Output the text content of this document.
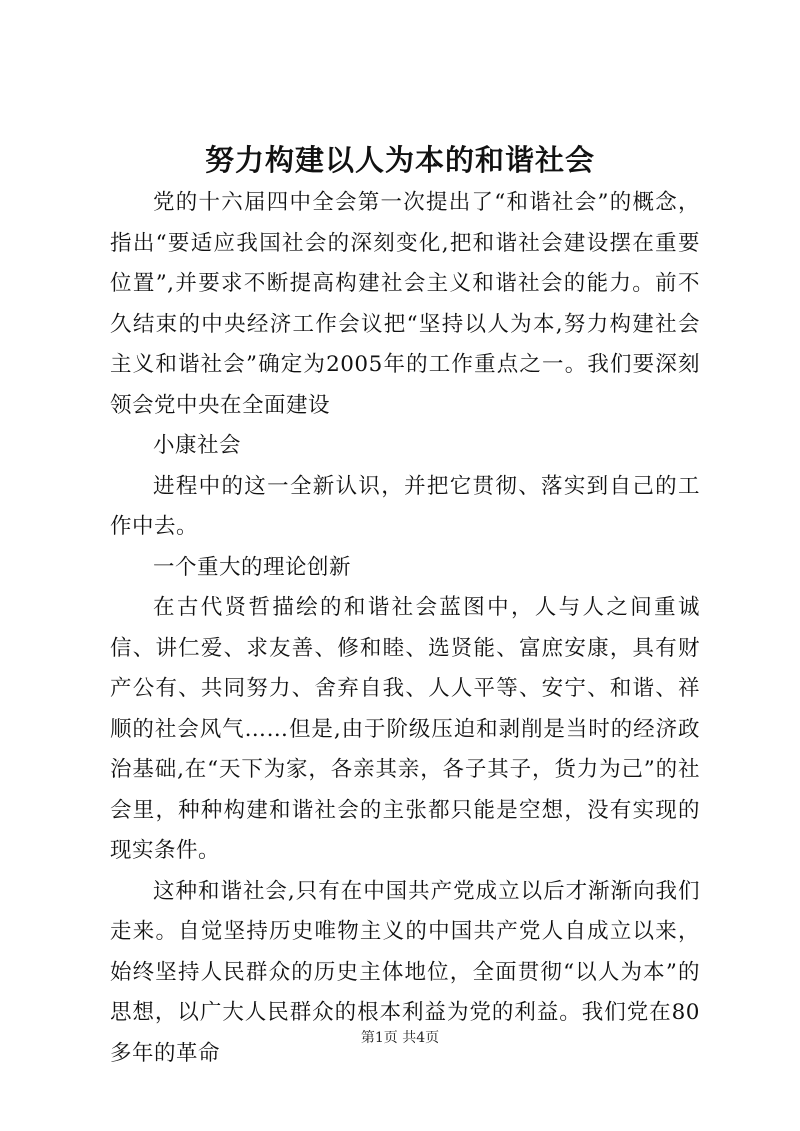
努力构建以人为本的和谐社会

党的十六届四中全会第一次提出了“和谐社会”的概念，指出“要适应我国社会的深刻变化,把和谐社会建设摆在重要位置”,并要求不断提高构建社会主义和谐社会的能力。前不久结束的中央经济工作会议把“坚持以人为本,努力构建社会主义和谐社会”确定为2005年的工作重点之一。我们要深刻领会党中央在全面建设

小康社会

进程中的这一全新认识，并把它贯彻、落实到自己的工作中去。

一个重大的理论创新

在古代贤哲描绘的和谐社会蓝图中，人与人之间重诚信、讲仁爱、求友善、修和睦、选贤能、富庶安康，具有财产公有、共同努力、舍弃自我、人人平等、安宁、和谐、祥顺的社会风气……但是,由于阶级压迫和剥削是当时的经济政治基础,在“天下为家，各亲其亲，各子其子，货力为己”的社会里，种种构建和谐社会的主张都只能是空想，没有实现的现实条件。

这种和谐社会,只有在中国共产党成立以后才渐渐向我们走来。自觉坚持历史唯物主义的中国共产党人自成立以来，始终坚持人民群众的历史主体地位，全面贯彻“以人为本”的思想，以广大人民群众的根本利益为党的利益。我们党在80多年的革命

第1页 共4页
